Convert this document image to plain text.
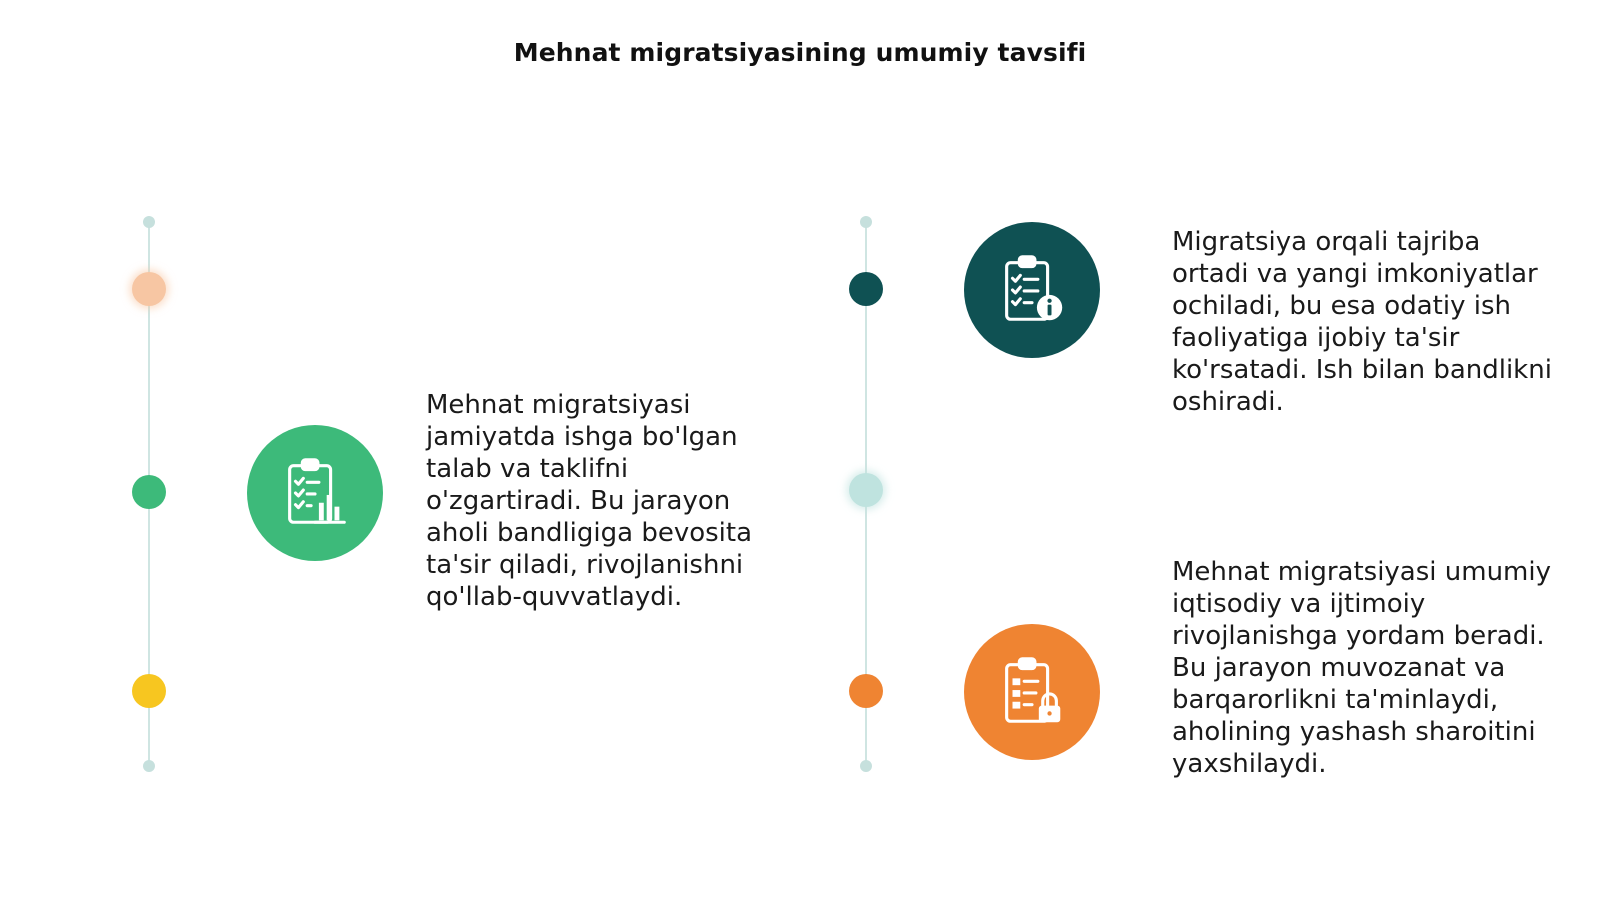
Mehnat migratsiyasining umumiy tavsifi
Mehnat migratsiyasi jamiyatda ishga bo'lgan talab va taklifni o'zgartiradi. Bu jarayon aholi bandligiga bevosita ta'sir qiladi, rivojlanishni qo'llab-quvvatlaydi.
Migratsiya orqali tajriba ortadi va yangi imkoniyatlar ochiladi, bu esa odatiy ish faoliyatiga ijobiy ta'sir ko'rsatadi. Ish bilan bandlikni oshiradi.
Mehnat migratsiyasi umumiy iqtisodiy va ijtimoiy rivojlanishga yordam beradi. Bu jarayon muvozanat va barqarorlikni ta'minlaydi, aholining yashash sharoitini yaxshilaydi.
